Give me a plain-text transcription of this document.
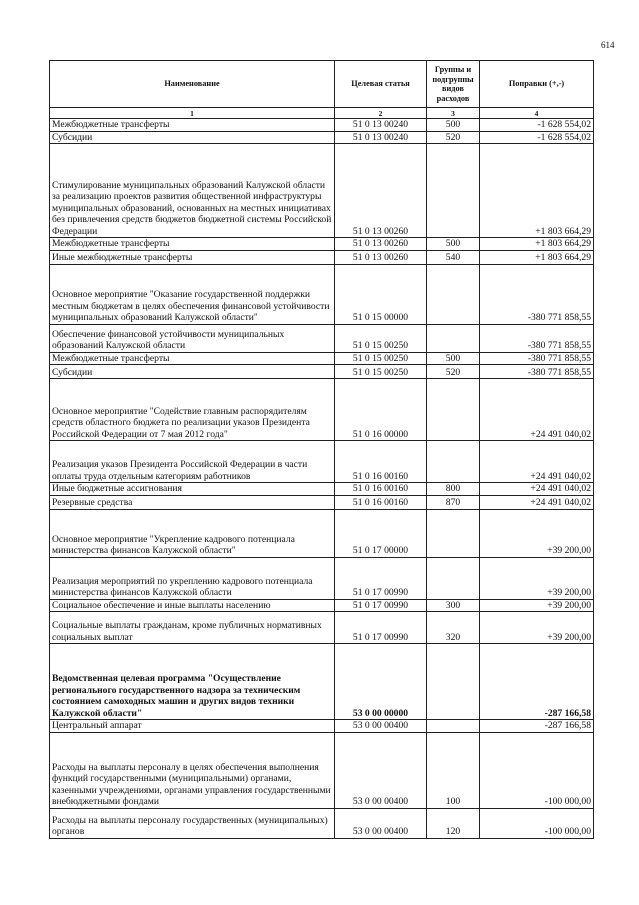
614
Наименование	Целевая статья	Группы и подгруппы видов расходов	Поправки (+,-)
1	2	3	4
Межбюджетные трансферты	51 0 13 00240	500	-1 628 554,02
Субсидии	51 0 13 00240	520	-1 628 554,02
Стимулирование муниципальных образований Калужской области за реализацию проектов развития общественной инфраструктуры муниципальных образований, основанных на местных инициативах без привлечения средств бюджетов бюджетной системы Российской Федерации	51 0 13 00260		+1 803 664,29
Межбюджетные трансферты	51 0 13 00260	500	+1 803 664,29
Иные межбюджетные трансферты	51 0 13 00260	540	+1 803 664,29
Основное мероприятие "Оказание государственной поддержки местным бюджетам в целях обеспечения финансовой устойчивости муниципальных образований Калужской области"	51 0 15 00000		-380 771 858,55
Обеспечение финансовой устойчивости муниципальных образований Калужской области	51 0 15 00250		-380 771 858,55
Межбюджетные трансферты	51 0 15 00250	500	-380 771 858,55
Субсидии	51 0 15 00250	520	-380 771 858,55
Основное мероприятие "Содействие главным распорядителям средств областного бюджета по реализации указов Президента Российской Федерации от 7 мая 2012 года"	51 0 16 00000		+24 491 040,02
Реализация указов Президента Российской Федерации в части оплаты труда отдельным категориям работников	51 0 16 00160		+24 491 040,02
Иные бюджетные ассигнования	51 0 16 00160	800	+24 491 040,02
Резервные средства	51 0 16 00160	870	+24 491 040,02
Основное мероприятие "Укрепление кадрового потенциала министерства финансов Калужской области"	51 0 17 00000		+39 200,00
Реализация мероприятий по укреплению кадрового потенциала министерства финансов Калужской области	51 0 17 00990		+39 200,00
Социальное обеспечение и иные выплаты населению	51 0 17 00990	300	+39 200,00
Социальные выплаты гражданам, кроме публичных нормативных социальных выплат	51 0 17 00990	320	+39 200,00
Ведомственная целевая программа "Осуществление регионального государственного надзора за техническим состоянием самоходных машин и других видов техники Калужской области"	53 0 00 00000		-287 166,58
Центральный аппарат	53 0 00 00400		-287 166,58
Расходы на выплаты персоналу в целях обеспечения выполнения функций государственными (муниципальными) органами, казенными учреждениями, органами управления государственными внебюджетными фондами	53 0 00 00400	100	-100 000,00
Расходы на выплаты персоналу государственных (муниципальных) органов	53 0 00 00400	120	-100 000,00
